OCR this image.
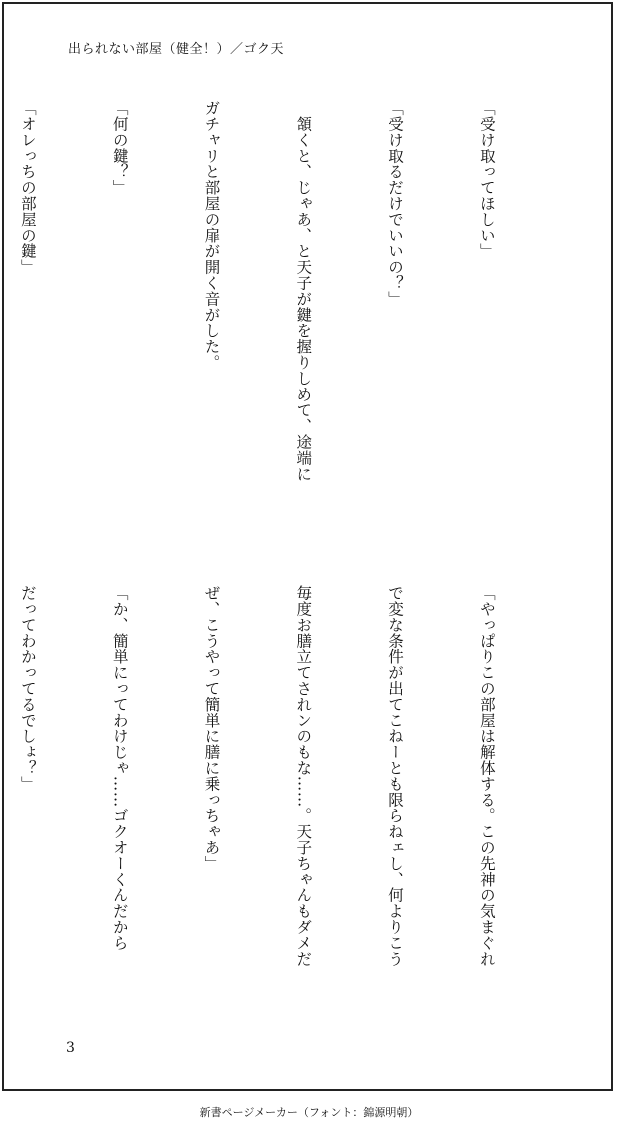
出られない部屋（健全！）／ゴク天

「受け取ってほしい」

「受け取るだけでいいの？」

　頷くと、じゃあ、と天子が鍵を握りしめて、途端に

ガチャリと部屋の扉が開く音がした。

「何の鍵？」

「オレっちの部屋の鍵」

「やっぱりこの部屋は解体する。この先神の気まぐれ

で変な条件が出てこねーとも限らねェし、何よりこう

毎度お膳立てされンのもな……。天子ちゃんもダメだ

ぜ、こうやって簡単に膳に乗っちゃあ」

「か、簡単にってわけじゃ……ゴクオーくんだから

だってわかってるでしょ？」

3
新書ページメーカー（フォント：錦源明朝）
